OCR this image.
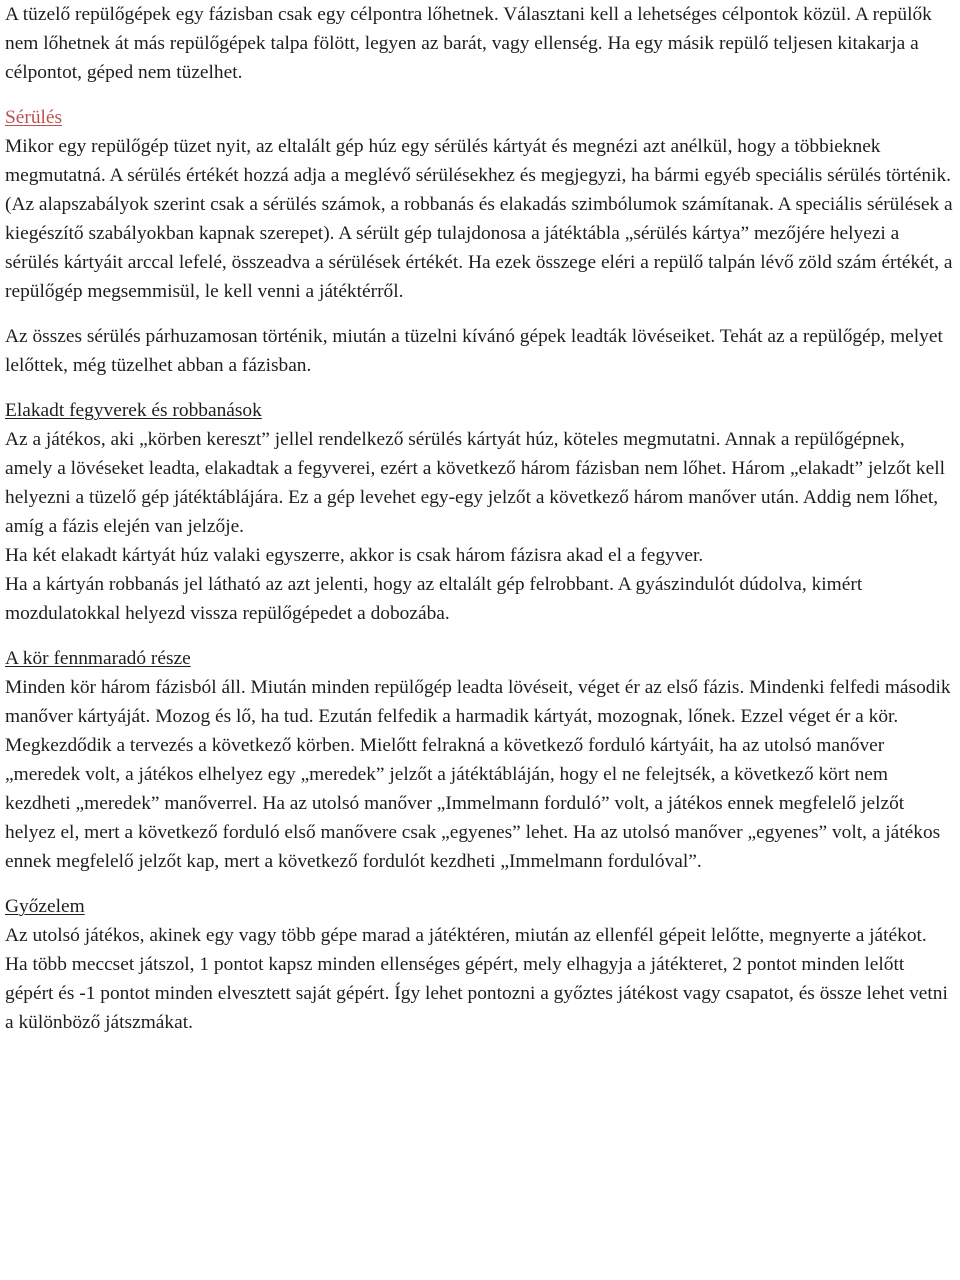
A tüzelő repülőgépek egy fázisban csak egy célpontra lőhetnek. Választani kell a lehetséges célpontok közül. A repülők nem lőhetnek át más repülőgépek talpa fölött, legyen az barát, vagy ellenség. Ha egy másik repülő teljesen kitakarja a célpontot, géped nem tüzelhet.

Sérülés

Mikor egy repülőgép tüzet nyit, az eltalált gép húz egy sérülés kártyát és megnézi azt anélkül, hogy a többieknek megmutatná. A sérülés értékét hozzá adja a meglévő sérülésekhez és megjegyzi, ha bármi egyéb speciális sérülés történik. (Az alapszabályok szerint csak a sérülés számok, a robbanás és elakadás szimbólumok számítanak. A speciális sérülések a kiegészítő szabályokban kapnak szerepet). A sérült gép tulajdonosa a játéktábla „sérülés kártya” mezőjére helyezi a sérülés kártyáit arccal lefelé, összeadva a sérülések értékét. Ha ezek összege eléri a repülő talpán lévő zöld szám értékét, a repülőgép megsemmisül, le kell venni a játéktérről.

Az összes sérülés párhuzamosan történik, miután a tüzelni kívánó gépek leadták lövéseiket. Tehát az a repülőgép, melyet lelőttek, még tüzelhet abban a fázisban.

Elakadt fegyverek és robbanások

Az a játékos, aki „körben kereszt” jellel rendelkező sérülés kártyát húz, köteles megmutatni. Annak a repülőgépnek, amely a lövéseket leadta, elakadtak a fegyverei, ezért a következő három fázisban nem lőhet. Három „elakadt” jelzőt kell helyezni a tüzelő gép játéktáblájára. Ez a gép levehet egy-egy jelzőt a következő három manőver után. Addig nem lőhet, amíg a fázis elején van jelzője.

Ha két elakadt kártyát húz valaki egyszerre, akkor is csak három fázisra akad el a fegyver.

Ha a kártyán robbanás jel látható az azt jelenti, hogy az eltalált gép felrobbant. A gyászindulót dúdolva, kimért mozdulatokkal helyezd vissza repülőgépedet a dobozába.

A kör fennmaradó része

Minden kör három fázisból áll. Miután minden repülőgép leadta lövéseit, véget ér az első fázis. Mindenki felfedi második manőver kártyáját. Mozog és lő, ha tud. Ezután felfedik a harmadik kártyát, mozognak, lőnek. Ezzel véget ér a kör. Megkezdődik a tervezés a következő körben. Mielőtt felrakná a következő forduló kártyáit, ha az utolsó manőver „meredek volt, a játékos elhelyez egy „meredek” jelzőt a játéktábláján, hogy el ne felejtsék, a következő kört nem kezdheti „meredek” manőverrel. Ha az utolsó manőver „Immelmann forduló” volt, a játékos ennek megfelelő jelzőt helyez el, mert a következő forduló első manővere csak „egyenes” lehet. Ha az utolsó manőver „egyenes” volt, a játékos ennek megfelelő jelzőt kap, mert a következő fordulót kezdheti „Immelmann fordulóval”.

Győzelem

Az utolsó játékos, akinek egy vagy több gépe marad a játéktéren, miután az ellenfél gépeit lelőtte, megnyerte a játékot.

Ha több meccset játszol, 1 pontot kapsz minden ellenséges gépért, mely elhagyja a játékteret, 2 pontot minden lelőtt gépért és -1 pontot minden elvesztett saját gépért. Így lehet pontozni a győztes játékost vagy csapatot, és össze lehet vetni a különböző játszmákat.
